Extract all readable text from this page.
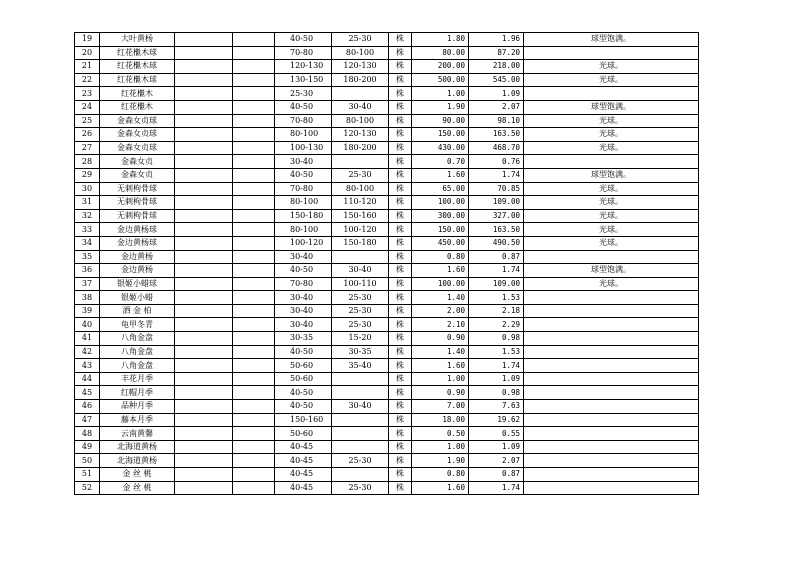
19	大叶黄杨			40-50	25-30	株	1.80	1.96	球型饱满。
20	红花檵木球			70-80	80-100	株	80.00	87.20	
21	红花檵木球			120-130	120-130	株	200.00	218.00	光球。
22	红花檵木球			130-150	180-200	株	500.00	545.00	光球。
23	红花檵木			25-30		株	1.00	1.09	
24	红花檵木			40-50	30-40	株	1.90	2.07	球型饱满。
25	金森女贞球			70-80	80-100	株	90.00	98.10	光球。
26	金森女贞球			80-100	120-130	株	150.00	163.50	光球。
27	金森女贞球			100-130	180-200	株	430.00	468.70	光球。
28	金森女贞			30-40		株	0.70	0.76	
29	金森女贞			40-50	25-30	株	1.60	1.74	球型饱满。
30	无刺枸骨球			70-80	80-100	株	65.00	70.85	光球。
31	无刺枸骨球			80-100	110-120	株	100.00	109.00	光球。
32	无刺枸骨球			150-180	150-160	株	300.00	327.00	光球。
33	金边黄杨球			80-100	100-120	株	150.00	163.50	光球。
34	金边黄杨球			100-120	150-180	株	450.00	490.50	光球。
35	金边黄杨			30-40		株	0.80	0.87	
36	金边黄杨			40-50	30-40	株	1.60	1.74	球型饱满。
37	银姬小蜡球			70-80	100-110	株	100.00	109.00	光球。
38	银姬小蜡			30-40	25-30	株	1.40	1.53	
39	洒 金 柏			30-40	25-30	株	2.00	2.18	
40	龟甲冬青			30-40	25-30	株	2.10	2.29	
41	八角金盘			30-35	15-20	株	0.90	0.98	
42	八角金盘			40-50	30-35	株	1.40	1.53	
43	八角金盘			50-60	35-40	株	1.60	1.74	
44	丰花月季			50-60		株	1.00	1.09	
45	红帽月季			40-50		株	0.90	0.98	
46	品种月季			40-50	30-40	株	7.00	7.63	
47	藤本月季			150-160		株	18.00	19.62	
48	云南黄馨			50-60		株	0.50	0.55	
49	北海道黄杨			40-45		株	1.00	1.09	
50	北海道黄杨			40-45	25-30	株	1.90	2.07	
51	金 丝 桃			40-45		株	0.80	0.87	
52	金 丝 桃			40-45	25-30	株	1.60	1.74	
